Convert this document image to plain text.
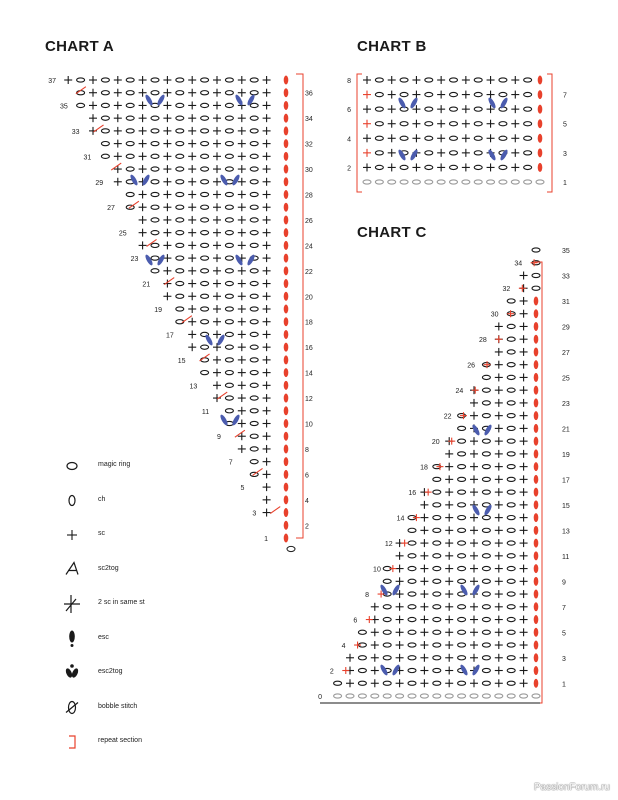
CHART A	CHART B
CHART C
37
36
35
34
33
32
31
30
29
28
27
26
25
24
23
22
21
20
19
18
17
16
15
14
13
12
11
10
9
8
7
6
5
4
3
2
1
8
7
6
5
4
3
2
1
35
34
33
32
31
30
29
28
27
26
25
24
23
22
21
20
19
18
17
16
15
14
13
12
11
10
9
8
7
6
5
4
3
2
1
0
magic ring
ch
sc
sc2tog
2 sc in same st
esc
esc2tog
bobble stitch
repeat section
PassionForum.ru
